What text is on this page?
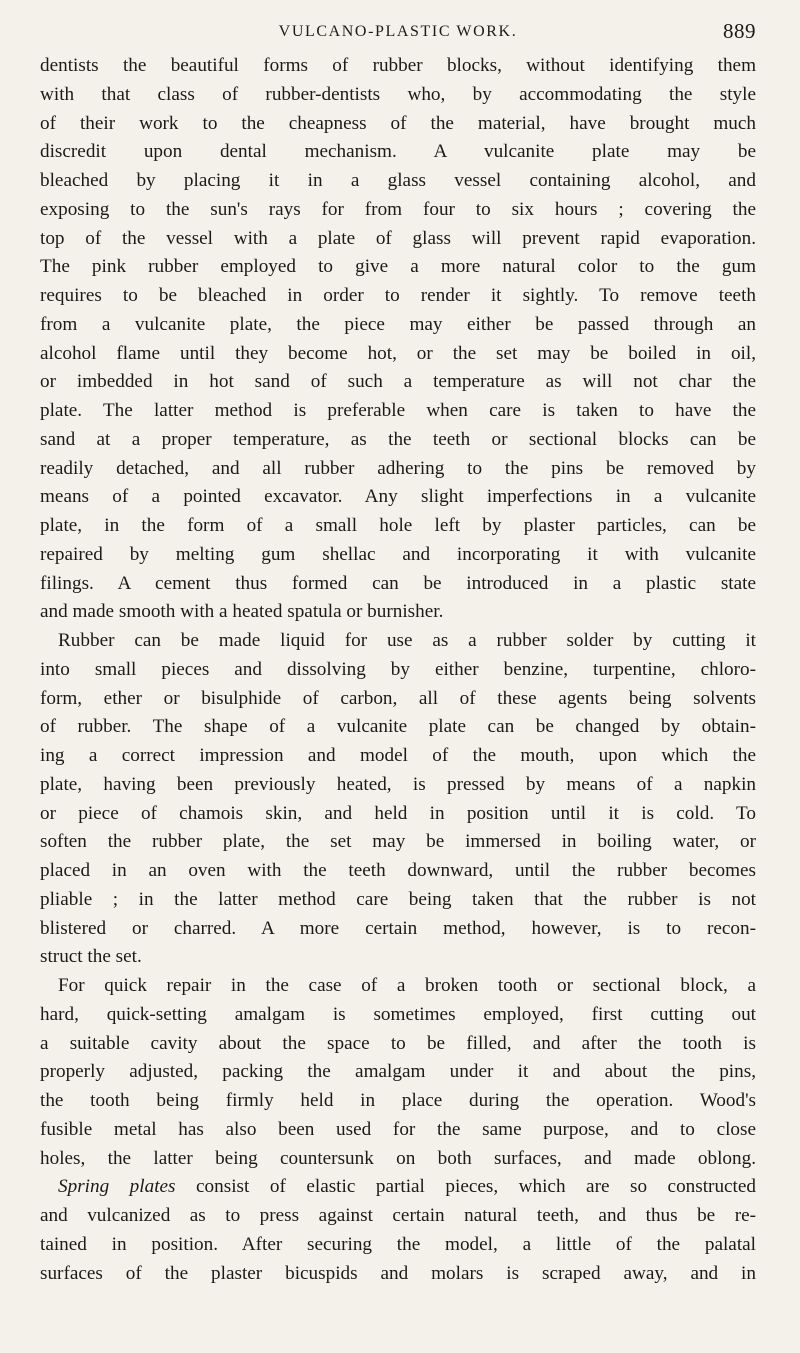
VULCANO-PLASTIC WORK.	889
dentists the beautiful forms of rubber blocks, without identifying them
with that class of rubber-dentists who, by accommodating the style
of their work to the cheapness of the material, have brought much
discredit upon dental mechanism. A vulcanite plate may be
bleached by placing it in a glass vessel containing alcohol, and
exposing to the sun's rays for from four to six hours ; covering the
top of the vessel with a plate of glass will prevent rapid evaporation.
The pink rubber employed to give a more natural color to the gum
requires to be bleached in order to render it sightly. To remove teeth
from a vulcanite plate, the piece may either be passed through an
alcohol flame until they become hot, or the set may be boiled in oil,
or imbedded in hot sand of such a temperature as will not char the
plate. The latter method is preferable when care is taken to have the
sand at a proper temperature, as the teeth or sectional blocks can be
readily detached, and all rubber adhering to the pins be removed by
means of a pointed excavator. Any slight imperfections in a vulcanite
plate, in the form of a small hole left by plaster particles, can be
repaired by melting gum shellac and incorporating it with vulcanite
filings. A cement thus formed can be introduced in a plastic state
and made smooth with a heated spatula or burnisher.
Rubber can be made liquid for use as a rubber solder by cutting it
into small pieces and dissolving by either benzine, turpentine, chloro-
form, ether or bisulphide of carbon, all of these agents being solvents
of rubber. The shape of a vulcanite plate can be changed by obtain-
ing a correct impression and model of the mouth, upon which the
plate, having been previously heated, is pressed by means of a napkin
or piece of chamois skin, and held in position until it is cold. To
soften the rubber plate, the set may be immersed in boiling water, or
placed in an oven with the teeth downward, until the rubber becomes
pliable ; in the latter method care being taken that the rubber is not
blistered or charred. A more certain method, however, is to recon-
struct the set.
For quick repair in the case of a broken tooth or sectional block, a
hard, quick-setting amalgam is sometimes employed, first cutting out
a suitable cavity about the space to be filled, and after the tooth is
properly adjusted, packing the amalgam under it and about the pins,
the tooth being firmly held in place during the operation. Wood's
fusible metal has also been used for the same purpose, and to close
holes, the latter being countersunk on both surfaces, and made oblong.
Spring plates consist of elastic partial pieces, which are so constructed
and vulcanized as to press against certain natural teeth, and thus be re-
tained in position. After securing the model, a little of the palatal
surfaces of the plaster bicuspids and molars is scraped away, and in
